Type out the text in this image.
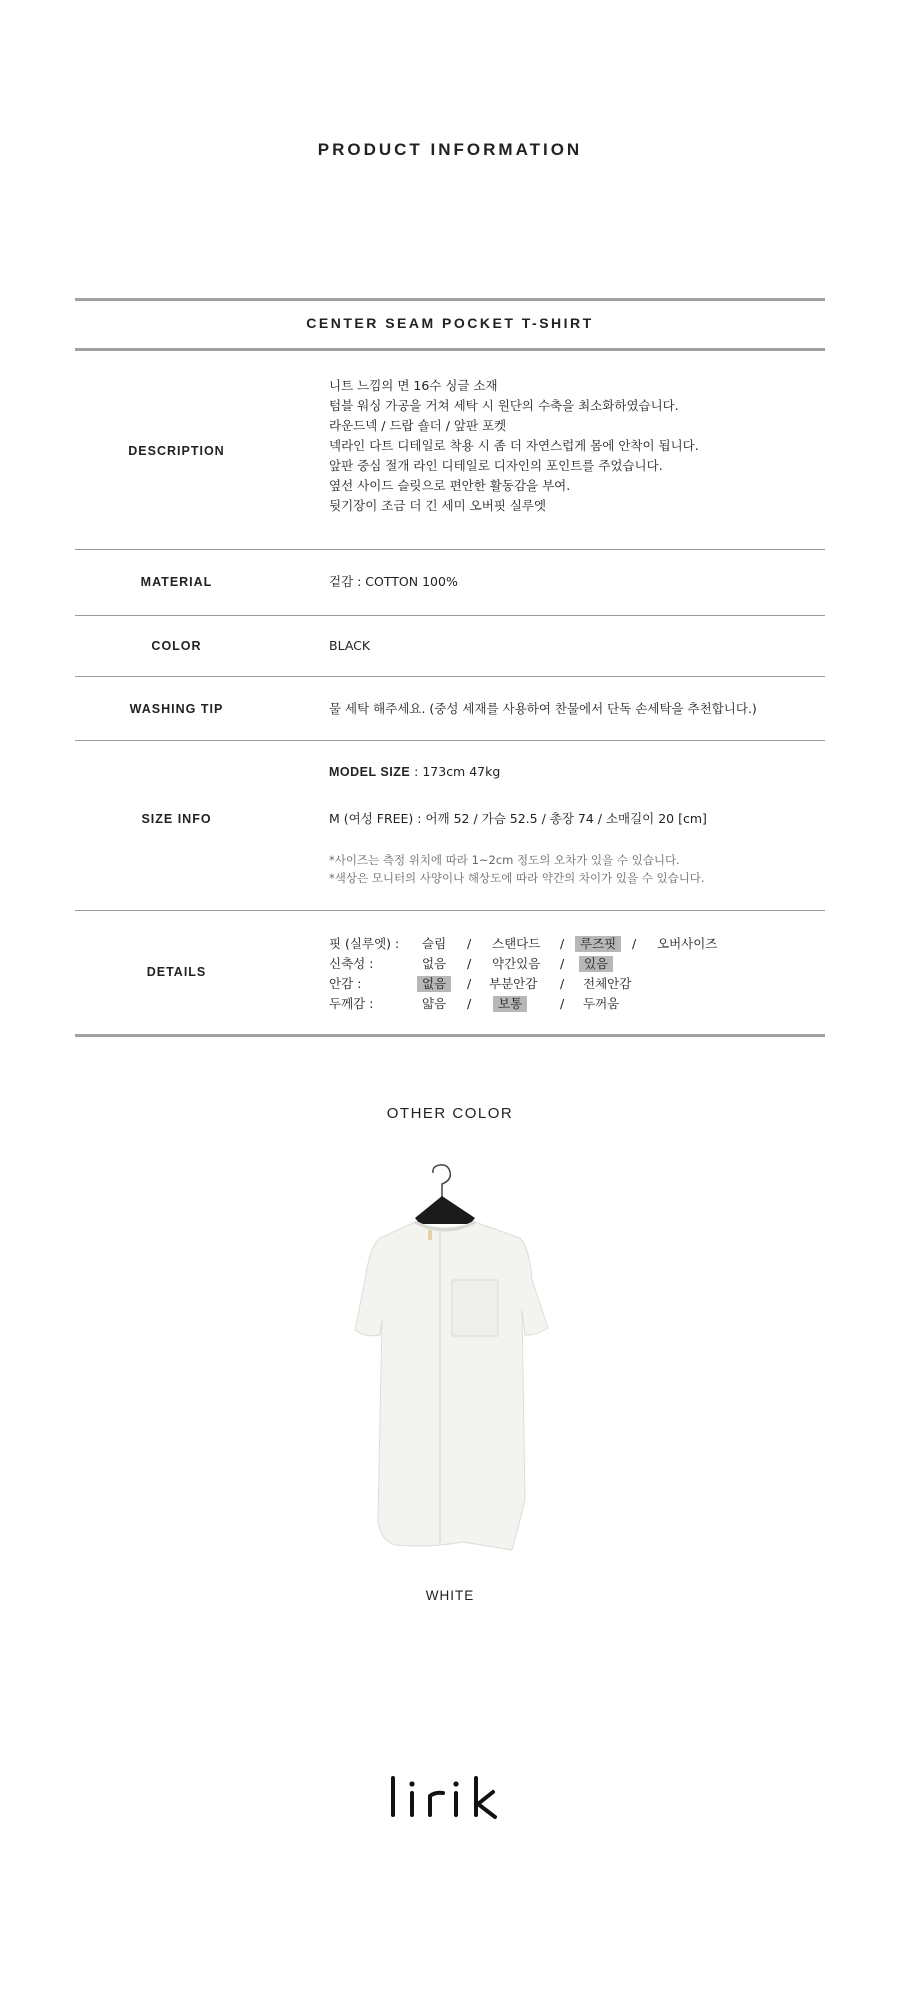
PRODUCT INFORMATION
CENTER SEAM POCKET T-SHIRT
DESCRIPTION
니트 느낌의 면 16수 싱글 소재
텀블 워싱 가공을 거쳐 세탁 시 원단의 수축을 최소화하였습니다.
라운드넥 / 드랍 숄더 / 앞판 포켓
넥라인 다트 디테일로 착용 시 좀 더 자연스럽게 몸에 안착이 됩니다.
앞판 중심 절개 라인 디테일로 디자인의 포인트를 주었습니다.
옆선 사이드 슬릿으로 편안한 활동감을 부여.
뒷기장이 조금 더 긴 세미 오버핏 실루엣
MATERIAL	겉감 : COTTON 100%
COLOR	BLACK
WASHING TIP	물 세탁 해주세요. (중성 세재를 사용하여 찬물에서 단독 손세탁을 추천합니다.)
SIZE INFO
MODEL SIZE : 173cm 47kg
M (여성 FREE) : 어깨 52 / 가슴 52.5 / 총장 74 / 소매길이 20 [cm]
*사이즈는 측정 위치에 따라 1~2cm 정도의 오차가 있을 수 있습니다.
*색상은 모니터의 사양이나 해상도에 따라 약간의 차이가 있을 수 있습니다.
DETAILS
핏 (실루엣) : 슬림 / 스탠다드 /	루즈핏	/ 오버사이즈
신축성 :	없음 / 약간있음 /	있음
안감 :	없음	/ 부분안감 / 전체안감
두께감 :	얇음 /	보통	/ 두꺼움
OTHER COLOR
WHITE
